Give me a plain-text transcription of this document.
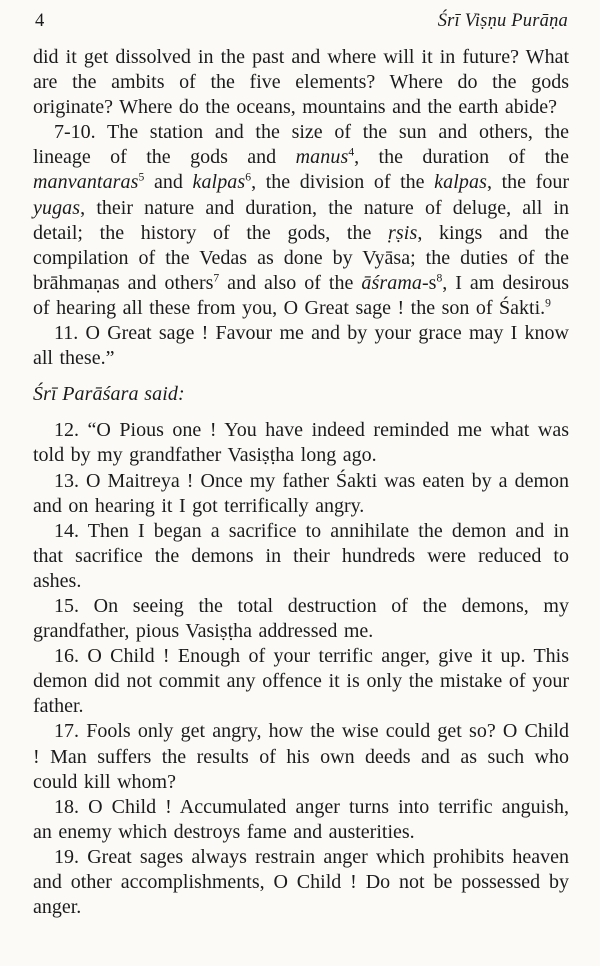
4	Śrī Viṣṇu Purāṇa

did it get dissolved in the past and where will it in future? What are the ambits of the five elements? Where do the gods originate? Where do the oceans, mountains and the earth abide?

7-10. The station and the size of the sun and others, the lineage of the gods and manus$^4$, the duration of the manvantaras$^5$ and kalpas$^6$, the division of the kalpas, the four yugas, their nature and duration, the nature of deluge, all in detail; the history of the gods, the ṛṣis, kings and the compilation of the Vedas as done by Vyāsa; the duties of the brāhmaṇas and others$^7$ and also of the āśrama-s$^8$, I am desirous of hearing all these from you, O Great sage ! the son of Śakti.$^9$

11. O Great sage ! Favour me and by your grace may I know all these.”

Śrī Parāśara said:

12. “O Pious one ! You have indeed reminded me what was told by my grandfather Vasiṣṭha long ago.

13. O Maitreya ! Once my father Śakti was eaten by a demon and on hearing it I got terrifically angry.

14. Then I began a sacrifice to annihilate the demon and in that sacrifice the demons in their hundreds were reduced to ashes.

15. On seeing the total destruction of the demons, my grandfather, pious Vasiṣṭha addressed me.

16. O Child ! Enough of your terrific anger, give it up. This demon did not commit any offence it is only the mistake of your father.

17. Fools only get angry, how the wise could get so? O Child ! Man suffers the results of his own deeds and as such who could kill whom?

18. O Child ! Accumulated anger turns into terrific anguish, an enemy which destroys fame and austerities.

19. Great sages always restrain anger which prohibits heaven and other accomplishments, O Child ! Do not be possessed by anger.
